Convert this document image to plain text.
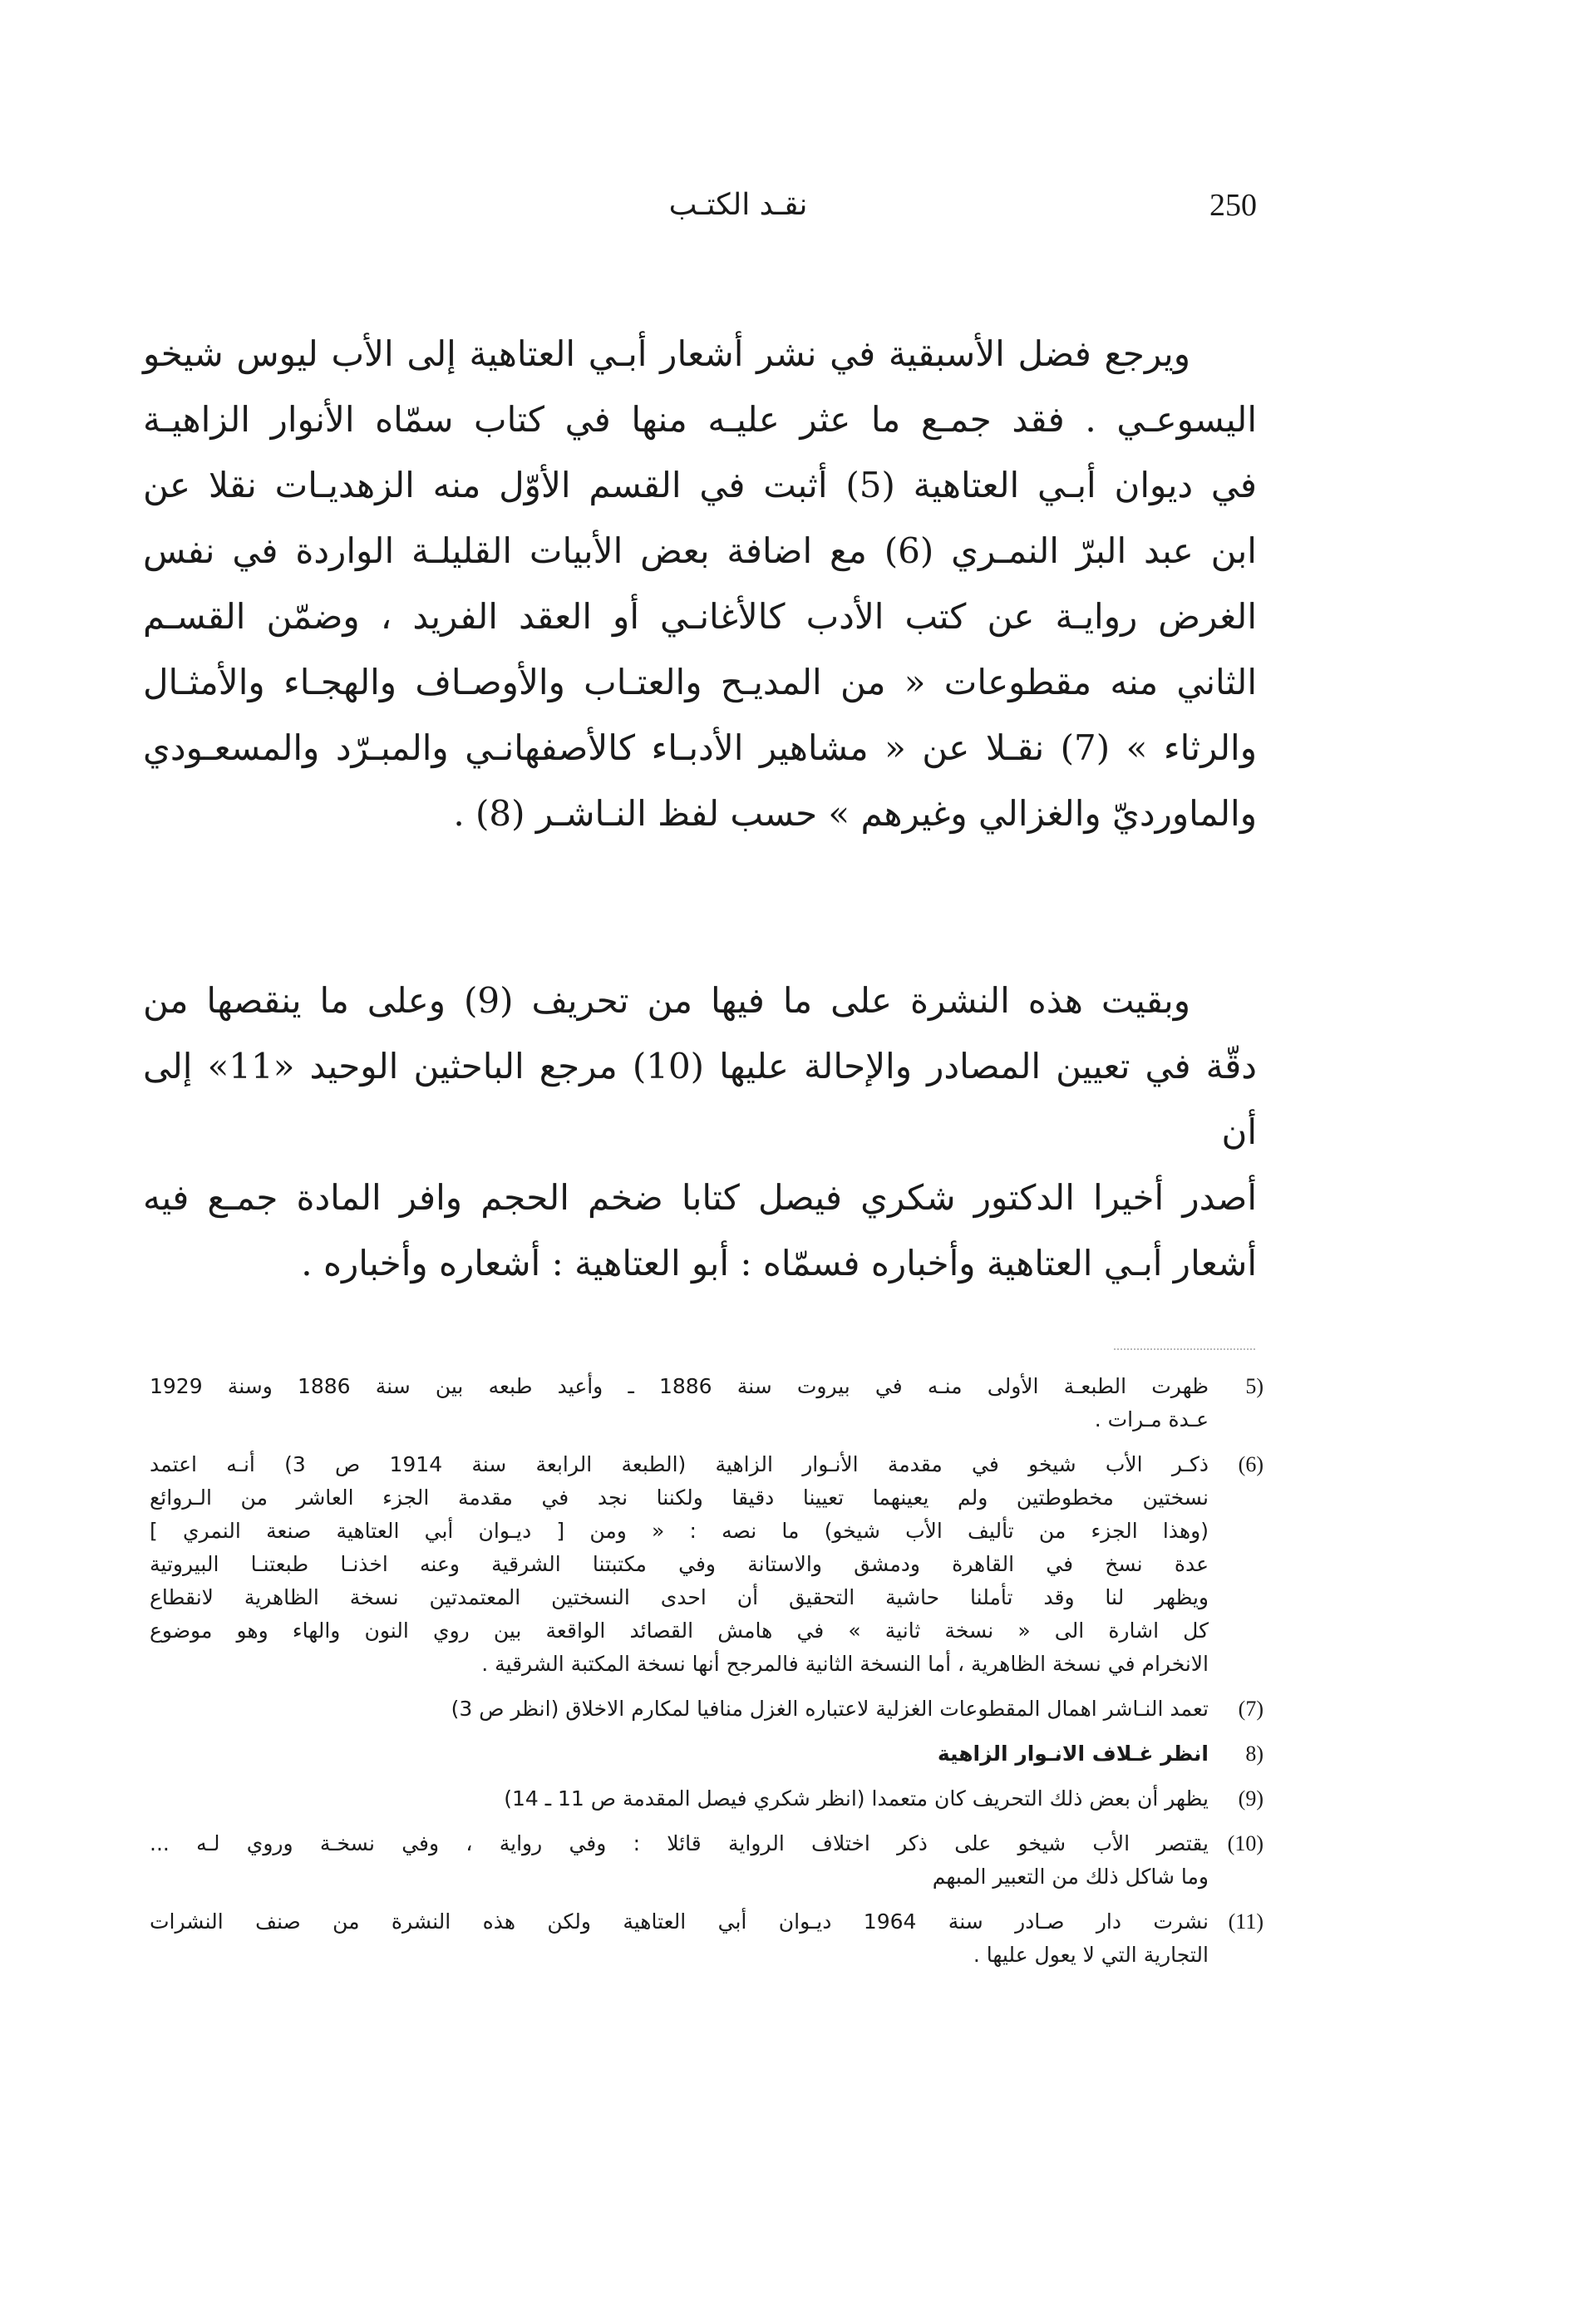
250
نقـد الكتـب
ويرجع فضل الأسبقية في نشر أشعار أبـي العتاهية إلى الأب ليوس شيخو
اليسوعـي . فقد جمـع ما عثر عليـه منها في كتاب سمّاه الأنوار الزاهيـة
في ديوان أبـي العتاهية (5) أثبت في القسم الأوّل منه الزهديـات نقلا عن
ابن عبد البرّ النمـري (6) مع اضافة بعض الأبيات القليلـة الواردة في نفس
الغرض روايـة عن كتب الأدب كالأغانـي أو العقد الفريد ، وضمّن القسـم
الثاني منه مقطوعات « من المديـح والعتـاب والأوصـاف والهجـاء والأمثـال
والرثاء » (7) نقـلا عن « مشاهير الأدبـاء كالأصفهانـي والمبـرّد والمسعـودي
والماورديّ والغزالي وغيرهم » حسب لفظ النـاشـر (8) .
وبقيت هذه النشرة على ما فيها من تحريف (9) وعلى ما ينقصها من
دقّة في تعيين المصادر والإحالة عليها (10) مرجع الباحثين الوحيد «11» إلى أن
أصدر أخيرا الدكتور شكري فيصل كتابا ضخم الحجم وافر المادة جمـع فيه
أشعار أبـي العتاهية وأخباره فسمّاه : أبو العتاهية : أشعاره وأخباره .
(5
ظهرت الطبعـة الأولى منـه في بيروت سنة 1886 ـ وأعيد طبعه بين سنة 1886 وسنة 1929
عـدة مـرات .
(6)
ذكـر الأب شيخو في مقدمة الأنـوار الزاهية (الطبعة الرابعة سنة 1914 ص 3) أنـه اعتمد
نسختين مخطوطتين ولم يعينهما تعيينا دقيقا ولكننا نجد في مقدمة الجزء العاشر من الـروائع
(وهذا الجزء من تأليف الأب شيخو) ما نصه : « ومن [ ديـوان أبي العتاهية صنعة النمري ]
عدة نسخ في القاهرة ودمشق والاستانة وفي مكتبتنا الشرقية وعنه اخذنـا طبعتنـا البيروتية
ويظهر لنا وقد تأملنا حاشية التحقيق أن احدى النسختين المعتمدتين نسخة الظاهرية لانقطاع
كل اشارة الى « نسخة ثانية » في هامش القصائد الواقعة بين روي النون والهاء وهو موضوع
الانخرام في نسخة الظاهرية ، أما النسخة الثانية فالمرجح أنها نسخة المكتبة الشرقية .
(7)
تعمد النـاشر اهمال المقطوعات الغزلية لاعتباره الغزل منافيا لمكارم الاخلاق (انظر ص 3)
(8
انظر غـلاف الانـوار الزاهية
(9)
يظهر أن بعض ذلك التحريف كان متعمدا (انظر شكري فيصل المقدمة ص 11 ـ 14)
(10)
يقتصر الأب شيخو على ذكر اختلاف الرواية قائلا : وفي رواية ، وفي نسخـة وروي لـه ...
وما شاكل ذلك من التعبير المبهم
(11)
نشرت دار صـادر سنة 1964 ديـوان أبي العتاهية ولكن هذه النشرة من صنف النشرات
التجارية التي لا يعول عليها .
